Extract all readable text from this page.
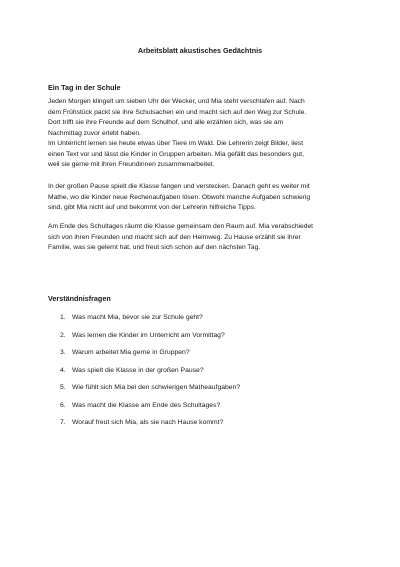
Arbeitsblatt akustisches Gedächtnis
Ein Tag in der Schule
Jeden Morgen klingelt um sieben Uhr der Wecker, und Mia steht verschlafen auf. Nach
dem Frühstück packt sie ihre Schulsachen ein und macht sich auf den Weg zur Schule.
Dort trifft sie ihre Freunde auf dem Schulhof, und alle erzählen sich, was sie am
Nachmittag zuvor erlebt haben.
Im Unterricht lernen sie heute etwas über Tiere im Wald. Die Lehrerin zeigt Bilder, liest
einen Text vor und lässt die Kinder in Gruppen arbeiten. Mia gefällt das besonders gut,
weil sie gerne mit ihren Freundinnen zusammenarbeitet.
In der großen Pause spielt die Klasse fangen und verstecken. Danach geht es weiter mit
Mathe, wo die Kinder neue Rechenaufgaben lösen. Obwohl manche Aufgaben schwierig
sind, gibt Mia nicht auf und bekommt von der Lehrerin hilfreiche Tipps.
Am Ende des Schultages räumt die Klasse gemeinsam den Raum auf. Mia verabschiedet
sich von ihren Freunden und macht sich auf den Heimweg. Zu Hause erzählt sie ihrer
Familie, was sie gelernt hat, und freut sich schon auf den nächsten Tag.
Verständnisfragen
1. Was macht Mia, bevor sie zur Schule geht?
2. Was lernen die Kinder im Unterricht am Vormittag?
3. Warum arbeitet Mia gerne in Gruppen?
4. Was spielt die Klasse in der großen Pause?
5. Wie fühlt sich Mia bei den schwierigen Matheaufgaben?
6. Was macht die Klasse am Ende des Schultages?
7. Worauf freut sich Mia, als sie nach Hause kommt?
